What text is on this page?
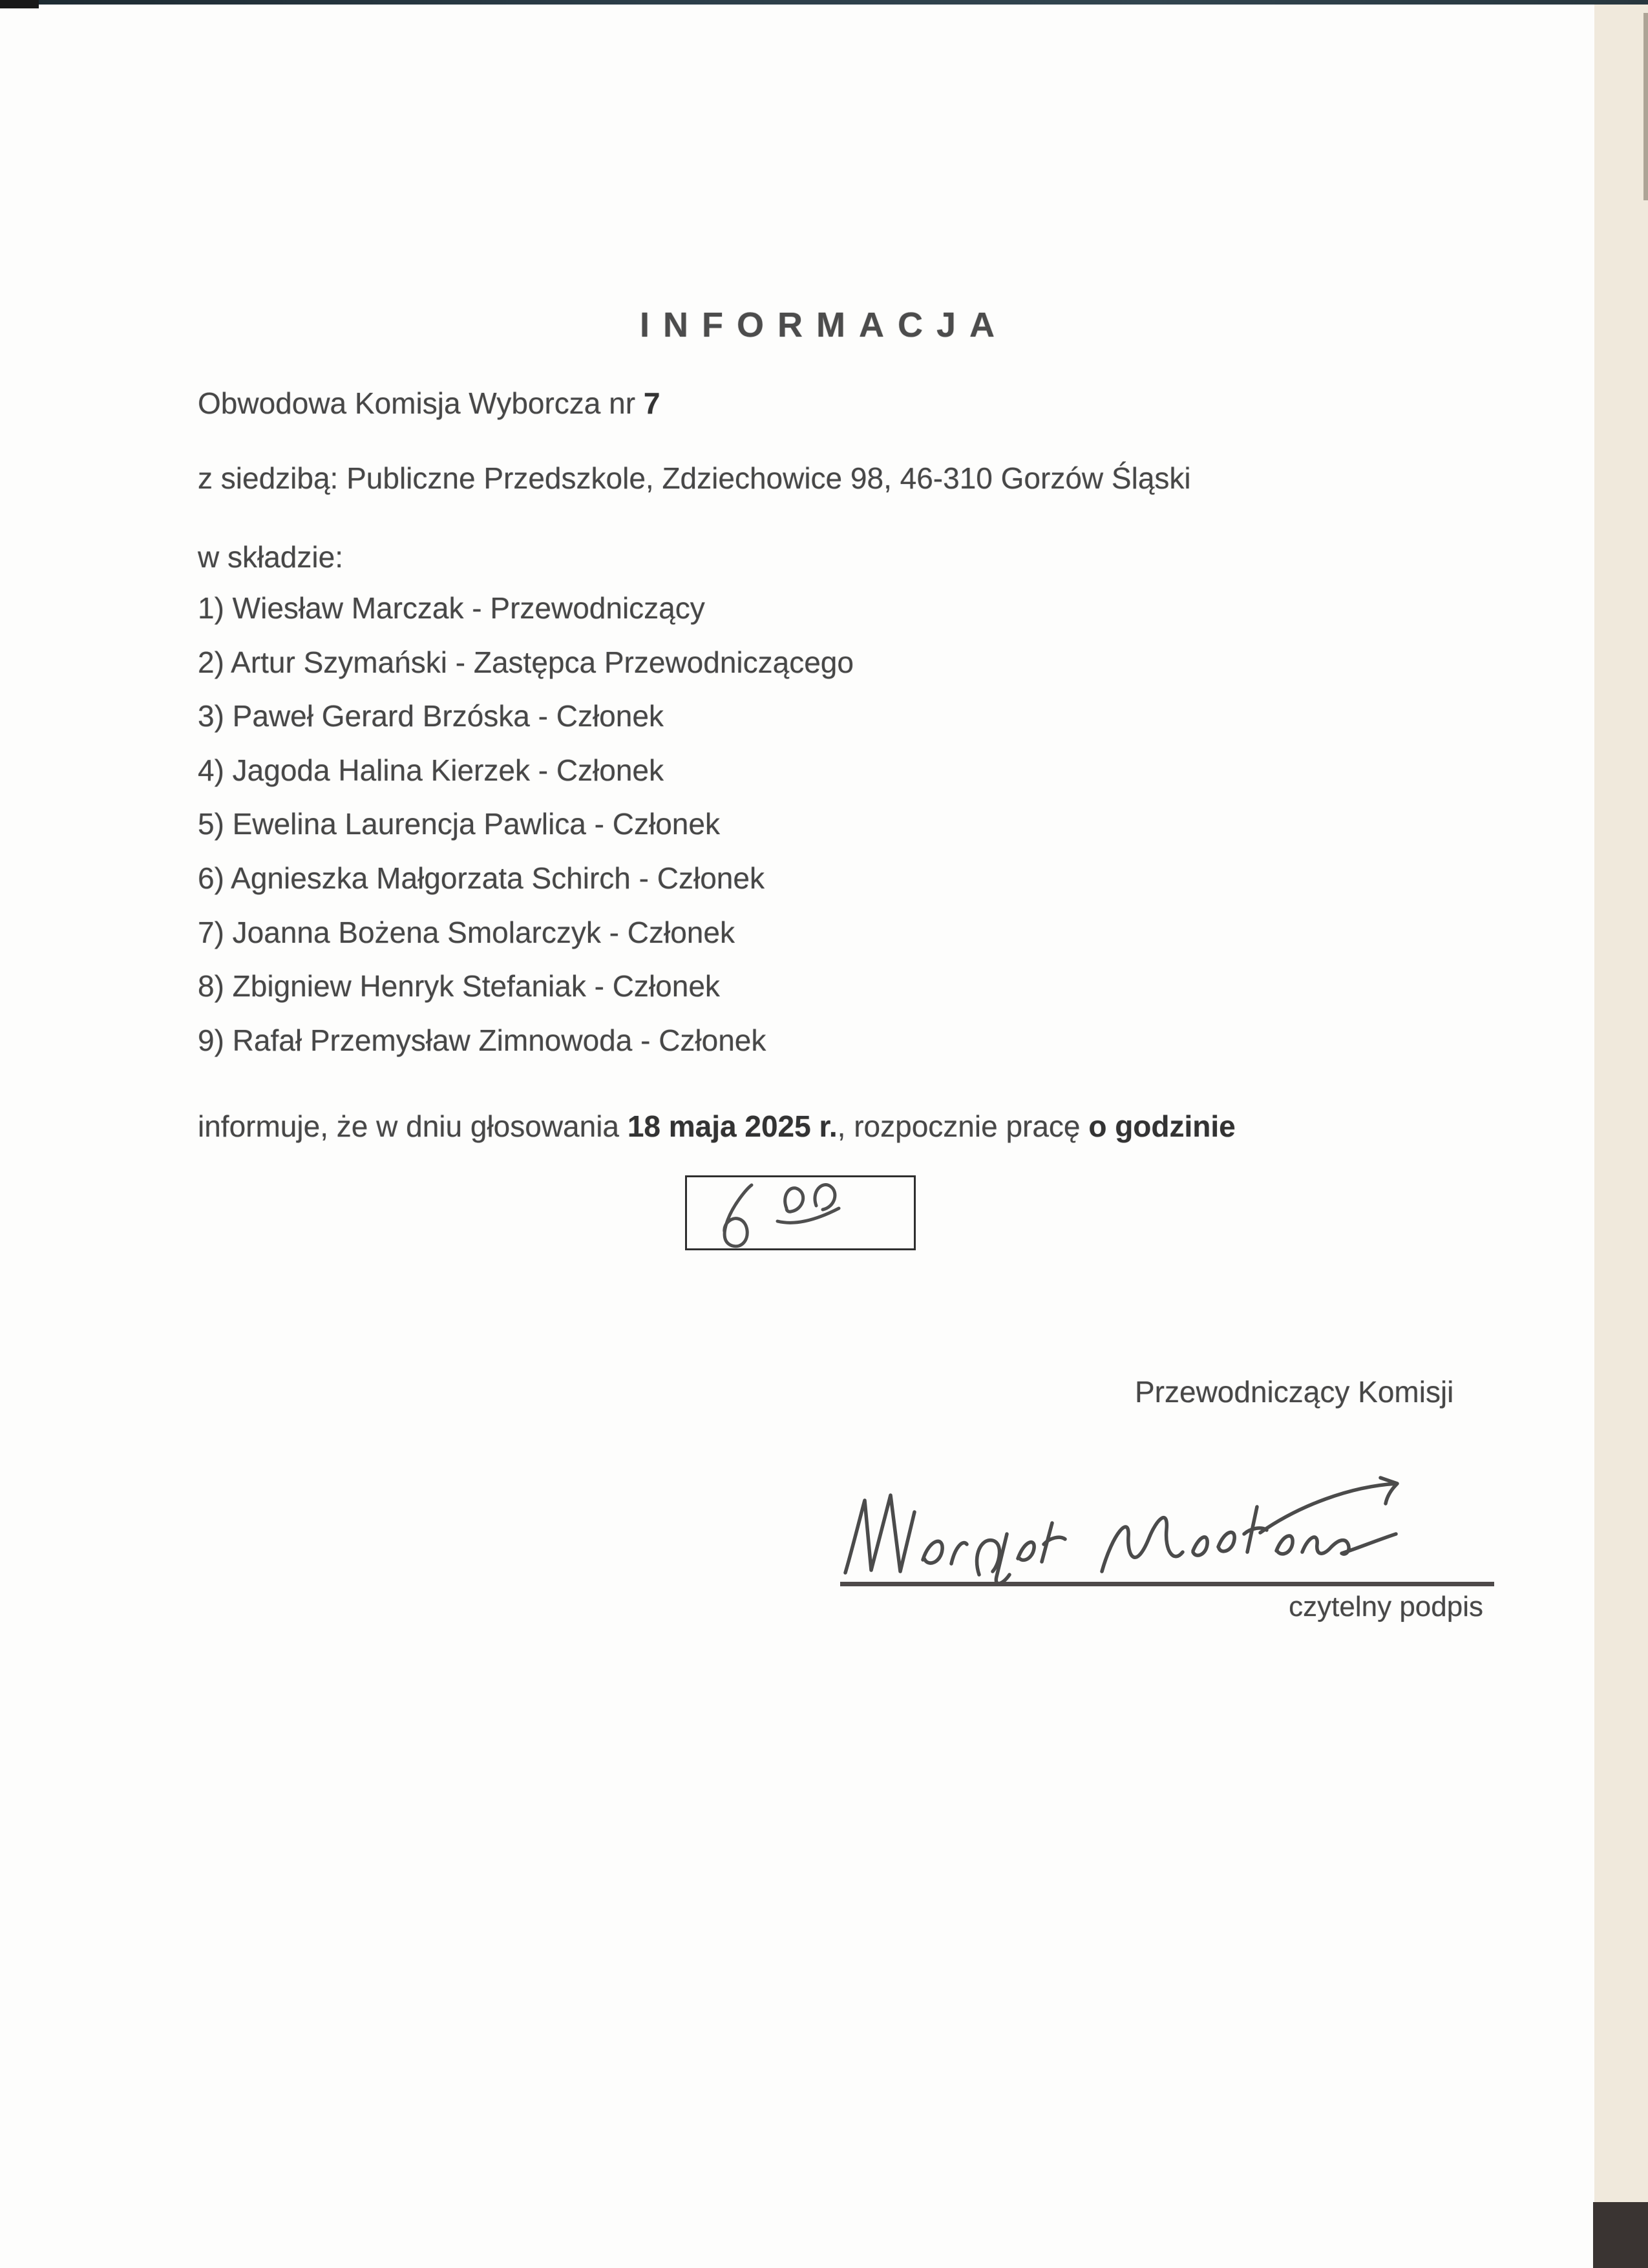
INFORMACJA
Obwodowa Komisja Wyborcza nr 7
z siedzibą: Publiczne Przedszkole, Zdziechowice 98, 46-310 Gorzów Śląski
w składzie:
1) Wiesław Marczak - Przewodniczący
2) Artur Szymański - Zastępca Przewodniczącego
3) Paweł Gerard Brzóska - Członek
4) Jagoda Halina Kierzek - Członek
5) Ewelina Laurencja Pawlica - Członek
6) Agnieszka Małgorzata Schirch - Członek
7) Joanna Bożena Smolarczyk - Członek
8) Zbigniew Henryk Stefaniak - Członek
9) Rafał Przemysław Zimnowoda - Członek
informuje, że w dniu głosowania 18 maja 2025 r., rozpocznie pracę o godzinie
Przewodniczący Komisji
czytelny podpis
